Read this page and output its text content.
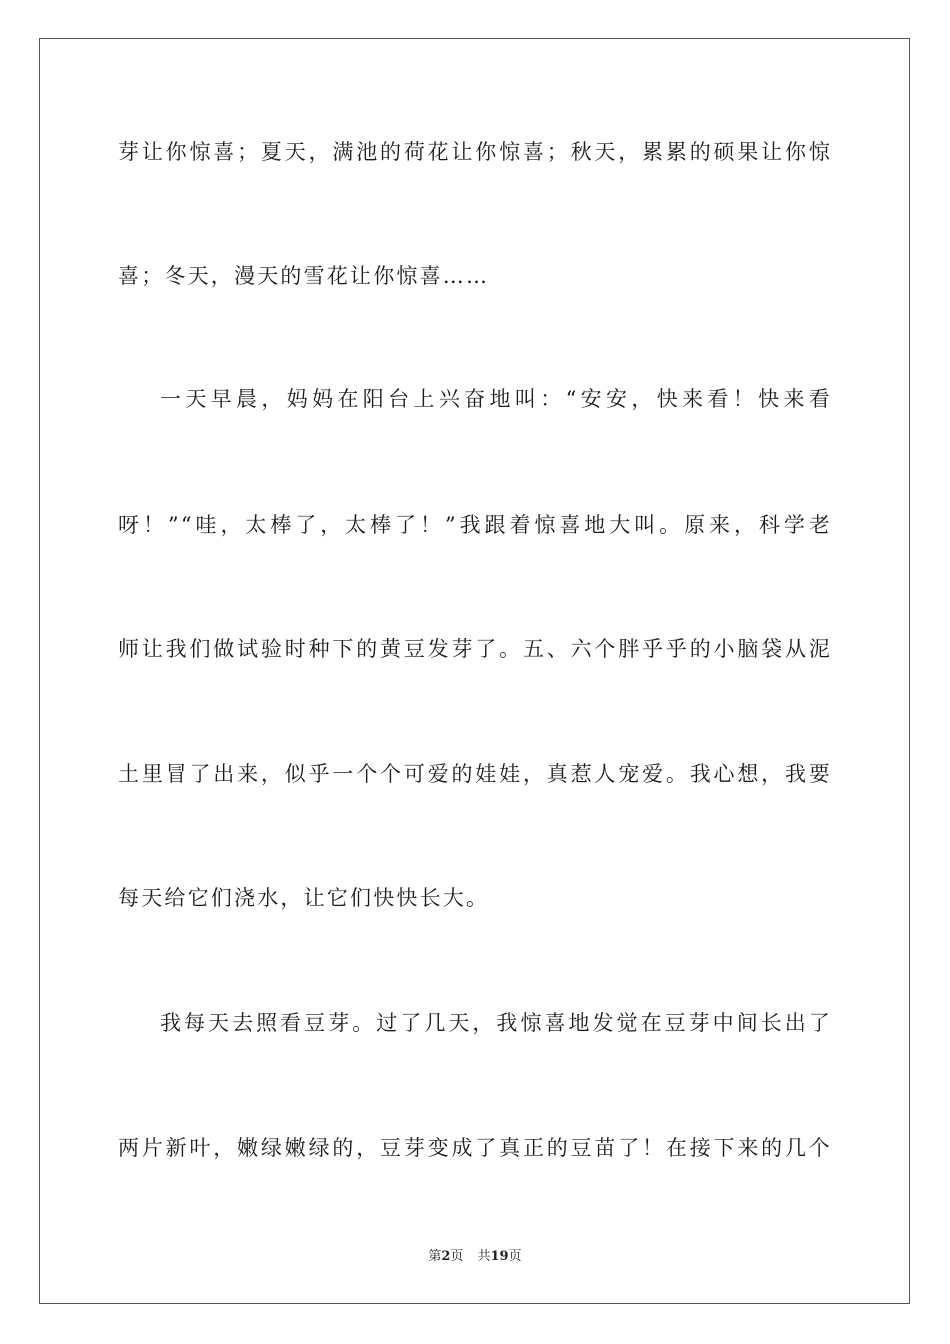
芽让你惊喜；夏天，满池的荷花让你惊喜；秋天，累累的硕果让你惊
喜；冬天，漫天的雪花让你惊喜……
一天早晨，妈妈在阳台上兴奋地叫：“安安，快来看！快来看
呀！”“哇，太棒了，太棒了！”我跟着惊喜地大叫。原来，科学老
师让我们做试验时种下的黄豆发芽了。五、六个胖乎乎的小脑袋从泥
土里冒了出来，似乎一个个可爱的娃娃，真惹人宠爱。我心想，我要
每天给它们浇水，让它们快快长大。
我每天去照看豆芽。过了几天，我惊喜地发觉在豆芽中间长出了
两片新叶，嫩绿嫩绿的，豆芽变成了真正的豆苗了！在接下来的几个
第2页 共19页
